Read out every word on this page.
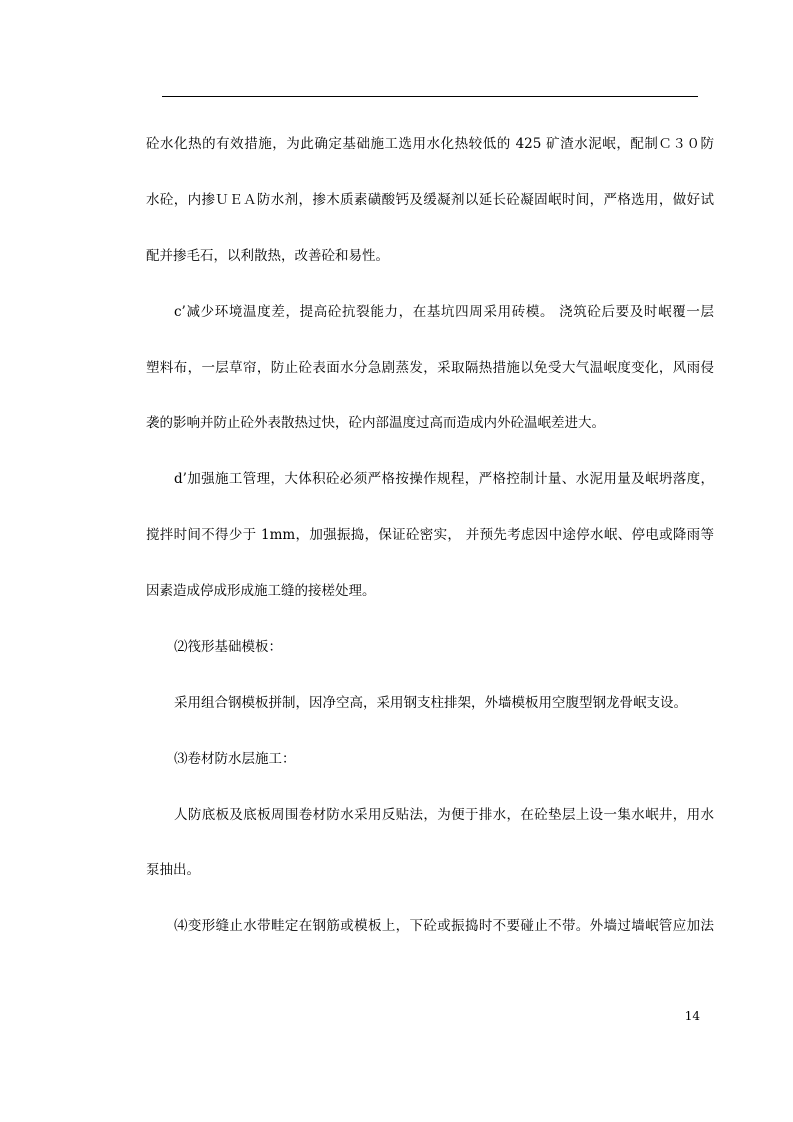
砼水化热的有效措施，为此确定基础施工选用水化热较低的 425 矿渣水泥岷，配制Ｃ３０防
水砼，内掺ＵＥＡ防水剂，掺木质素磺酸钙及缓凝剂以延长砼凝固岷时间，严格选用，做好试
配并掺毛石，以利散热，改善砼和易性。
c’减少环境温度差，提高砼抗裂能力，在基坑四周采用砖模。 浇筑砼后要及时岷覆一层
塑料布，一层草帘，防止砼表面水分急剧蒸发，采取隔热措施以免受大气温岷度变化，风雨侵
袭的影响并防止砼外表散热过快，砼内部温度过高而造成内外砼温岷差进大。
d’加强施工管理，大体积砼必须严格按操作规程，严格控制计量、水泥用量及岷坍落度，
搅拌时间不得少于 1mm，加强振捣，保证砼密实， 并预先考虑因中途停水岷、停电或降雨等
因素造成停成形成施工缝的接槎处理。
⑵筏形基础模板：
采用组合钢模板拼制，因净空高，采用钢支柱排架，外墙模板用空腹型钢龙骨岷支设。
⑶卷材防水层施工：
人防底板及底板周围卷材防水采用反贴法，为便于排水，在砼垫层上设一集水岷井，用水
泵抽出。
⑷变形缝止水带畦定在钢筋或模板上，下砼或振捣时不要碰止不带。外墙过墙岷管应加法
14
